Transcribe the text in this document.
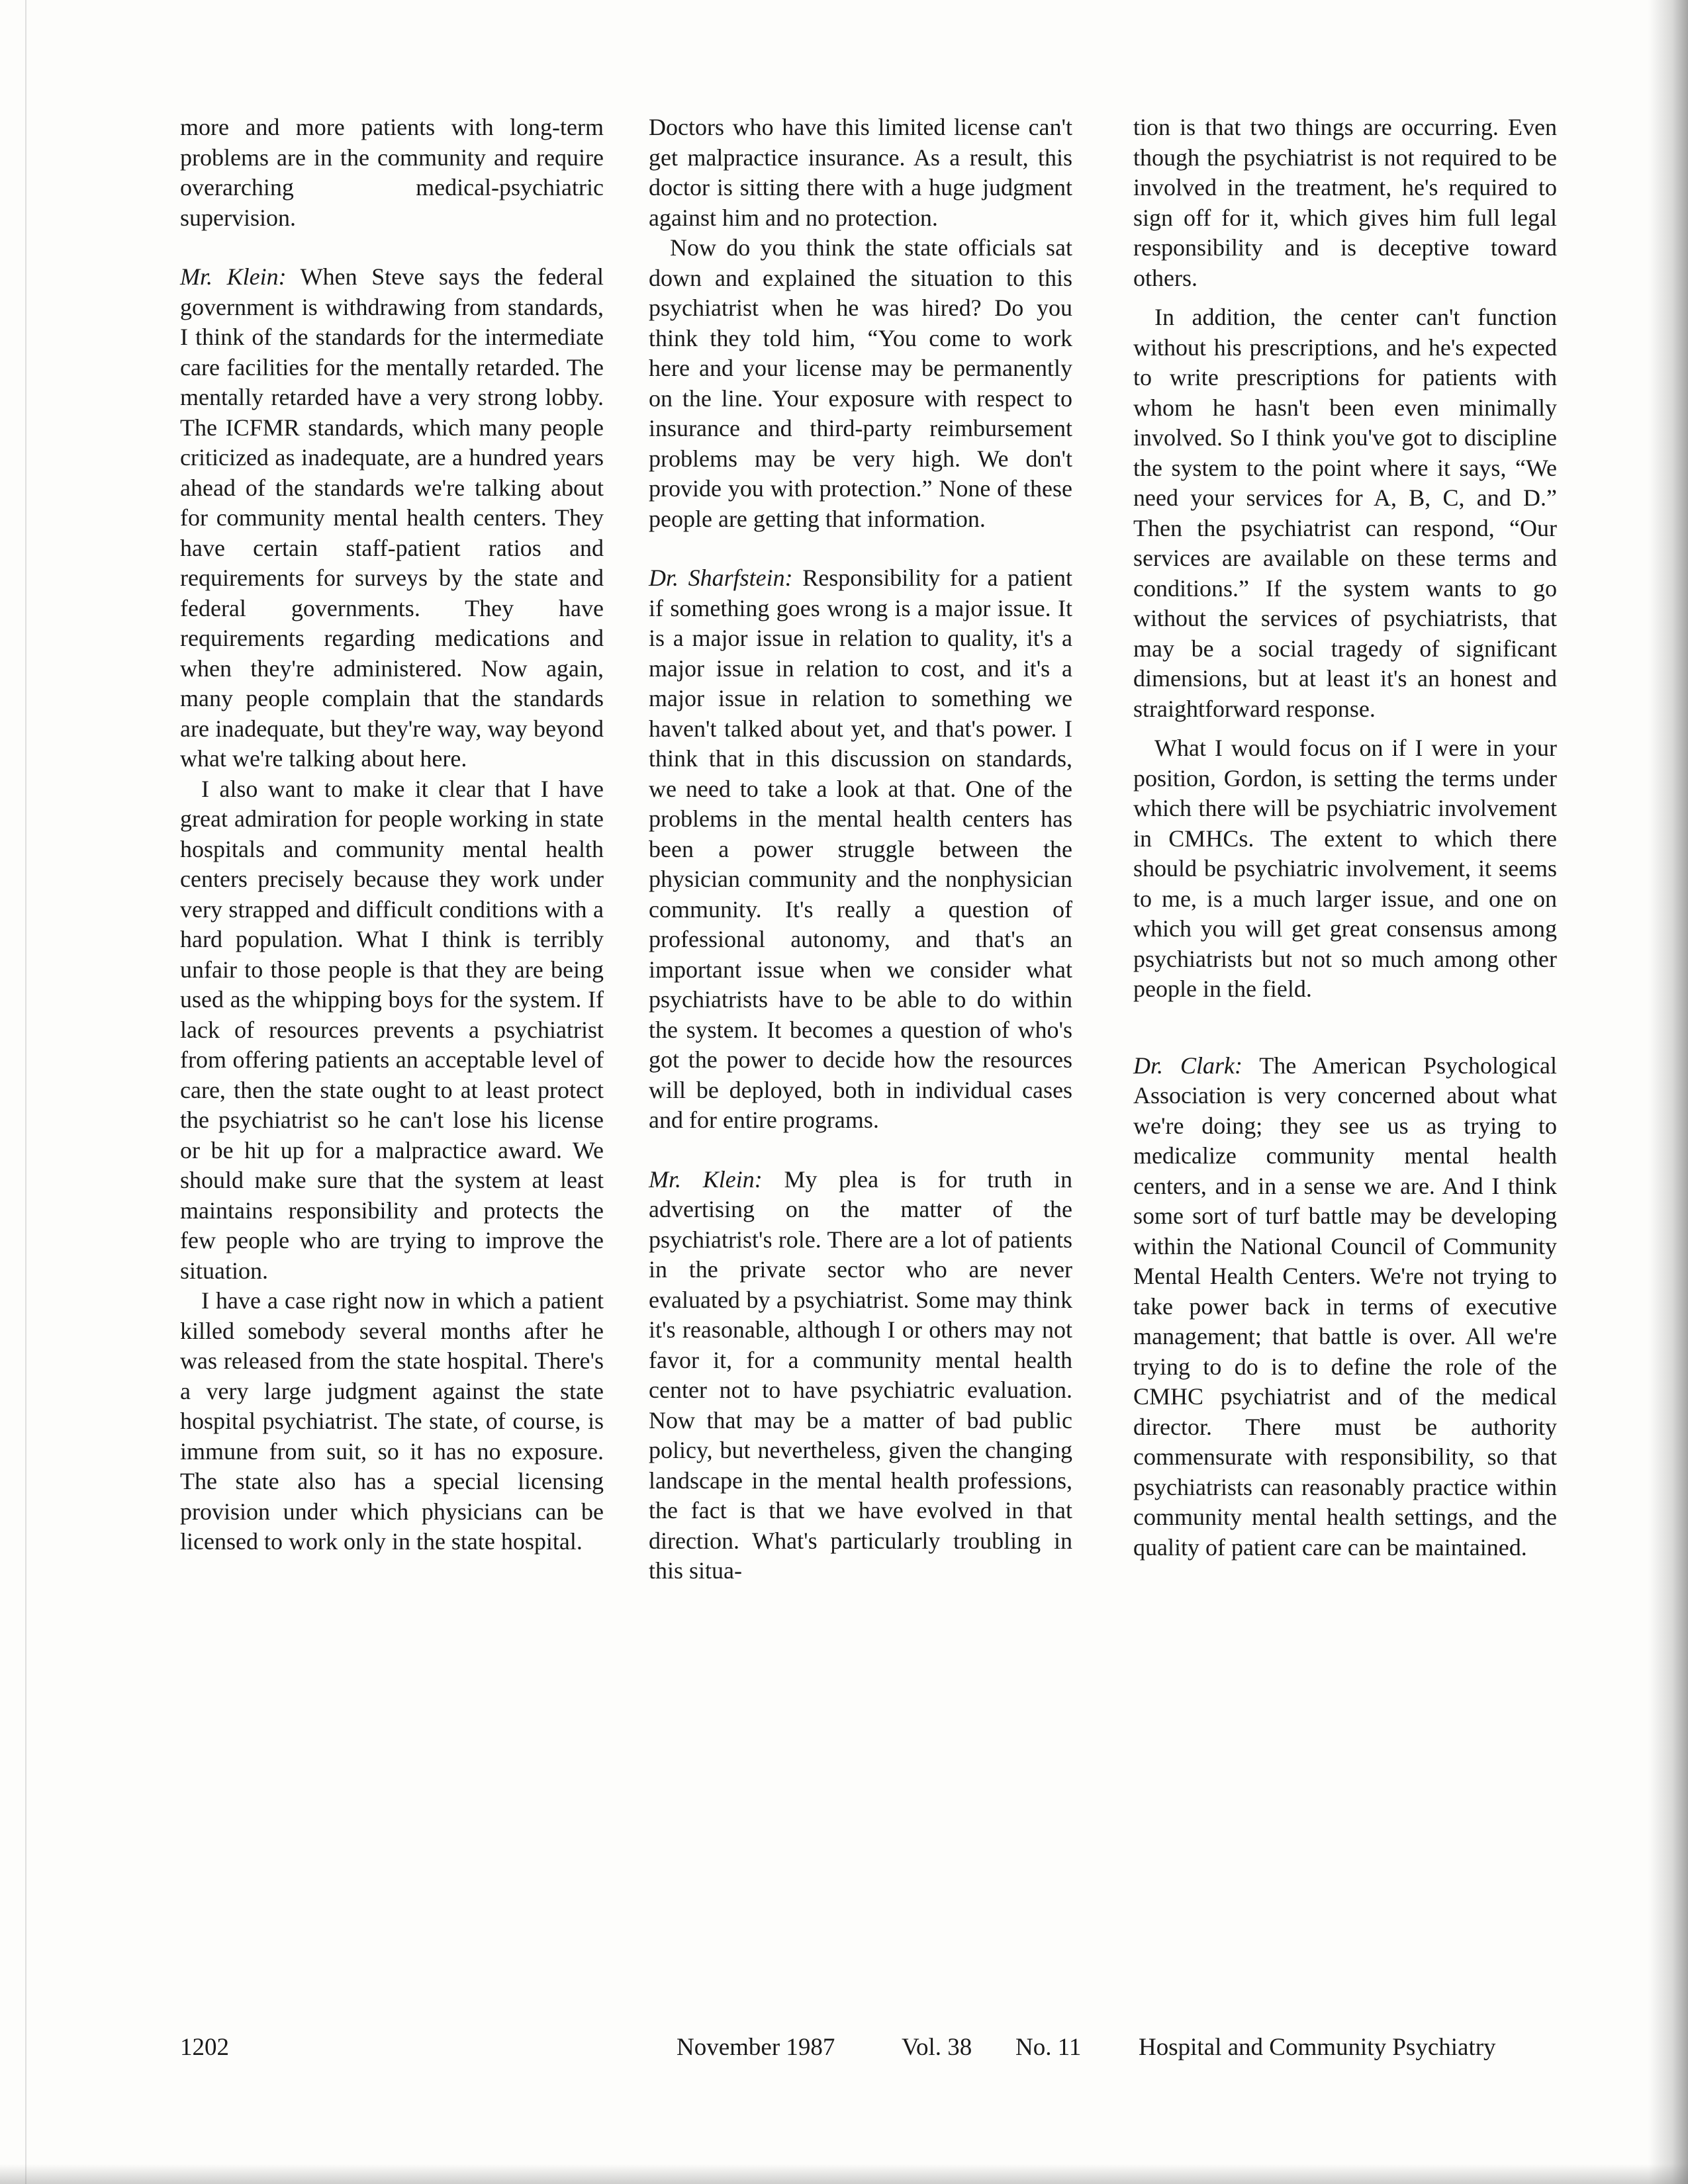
more and more patients with long-term problems are in the community and require overarching medical-psychiatric supervision.

Mr. Klein: When Steve says the federal government is withdrawing from standards, I think of the standards for the intermediate care facilities for the mentally retarded. The mentally retarded have a very strong lobby. The ICFMR standards, which many people criticized as inadequate, are a hundred years ahead of the standards we're talking about for community mental health centers. They have certain staff-patient ratios and requirements for surveys by the state and federal governments. They have requirements regarding medications and when they're administered. Now again, many people complain that the standards are inadequate, but they're way, way beyond what we're talking about here.

I also want to make it clear that I have great admiration for people working in state hospitals and community mental health centers precisely because they work under very strapped and difficult conditions with a hard population. What I think is terribly unfair to those people is that they are being used as the whipping boys for the system. If lack of resources prevents a psychiatrist from offering patients an acceptable level of care, then the state ought to at least protect the psychiatrist so he can't lose his license or be hit up for a malpractice award. We should make sure that the system at least maintains responsibility and protects the few people who are trying to improve the situation.

I have a case right now in which a patient killed somebody several months after he was released from the state hospital. There's a very large judgment against the state hospital psychiatrist. The state, of course, is immune from suit, so it has no exposure. The state also has a special licensing provision under which physicians can be licensed to work only in the state hospital.

Doctors who have this limited license can't get malpractice insurance. As a result, this doctor is sitting there with a huge judgment against him and no protection.

Now do you think the state officials sat down and explained the situation to this psychiatrist when he was hired? Do you think they told him, “You come to work here and your license may be permanently on the line. Your exposure with respect to insurance and third-party reimbursement problems may be very high. We don't provide you with protection.” None of these people are getting that information.

Dr. Sharfstein: Responsibility for a patient if something goes wrong is a major issue. It is a major issue in relation to quality, it's a major issue in relation to cost, and it's a major issue in relation to something we haven't talked about yet, and that's power. I think that in this discussion on standards, we need to take a look at that. One of the problems in the mental health centers has been a power struggle between the physician community and the nonphysician community. It's really a question of professional autonomy, and that's an important issue when we consider what psychiatrists have to be able to do within the system. It becomes a question of who's got the power to decide how the resources will be deployed, both in individual cases and for entire programs.

Mr. Klein: My plea is for truth in advertising on the matter of the psychiatrist's role. There are a lot of patients in the private sector who are never evaluated by a psychiatrist. Some may think it's reasonable, although I or others may not favor it, for a community mental health center not to have psychiatric evaluation. Now that may be a matter of bad public policy, but nevertheless, given the changing landscape in the mental health professions, the fact is that we have evolved in that direction. What's particularly troubling in this situa-

tion is that two things are occurring. Even though the psychiatrist is not required to be involved in the treatment, he's required to sign off for it, which gives him full legal responsibility and is deceptive toward others.

In addition, the center can't function without his prescriptions, and he's expected to write prescriptions for patients with whom he hasn't been even minimally involved. So I think you've got to discipline the system to the point where it says, “We need your services for A, B, C, and D.” Then the psychiatrist can respond, “Our services are available on these terms and conditions.” If the system wants to go without the services of psychiatrists, that may be a social tragedy of significant dimensions, but at least it's an honest and straightforward response.

What I would focus on if I were in your position, Gordon, is setting the terms under which there will be psychiatric involvement in CMHCs. The extent to which there should be psychiatric involvement, it seems to me, is a much larger issue, and one on which you will get great consensus among psychiatrists but not so much among other people in the field.

Dr. Clark: The American Psychological Association is very concerned about what we're doing; they see us as trying to medicalize community mental health centers, and in a sense we are. And I think some sort of turf battle may be developing within the National Council of Community Mental Health Centers. We're not trying to take power back in terms of executive management; that battle is over. All we're trying to do is to define the role of the CMHC psychiatrist and of the medical director. There must be authority commensurate with responsibility, so that psychiatrists can reasonably practice within community mental health settings, and the quality of patient care can be maintained.

1202	November 1987	Vol. 38 No. 11 Hospital and Community Psychiatry
